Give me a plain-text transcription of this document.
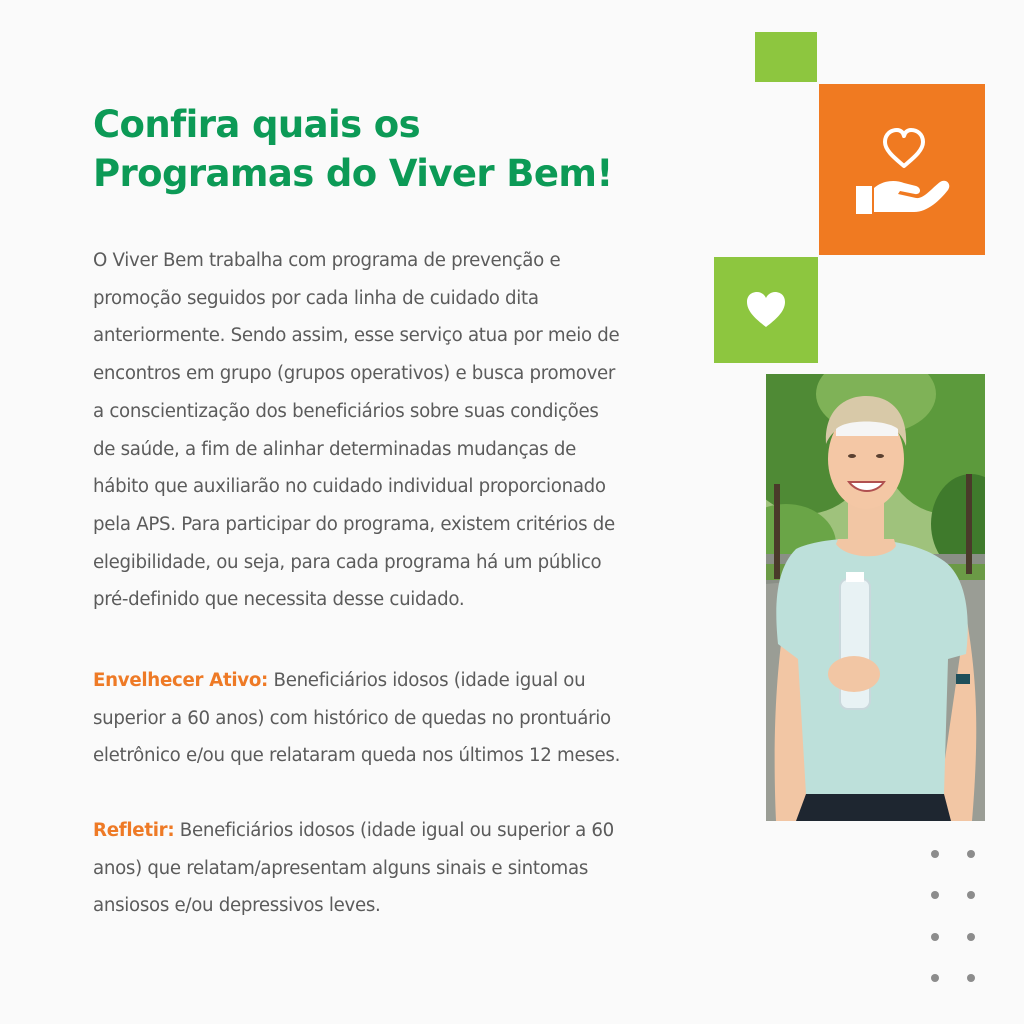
Confira quais os
Programas do Viver Bem!

O Viver Bem trabalha com programa de prevenção e
promoção seguidos por cada linha de cuidado dita
anteriormente. Sendo assim, esse serviço atua por meio de
encontros em grupo (grupos operativos) e busca promover
a conscientização dos beneficiários sobre suas condições
de saúde, a fim de alinhar determinadas mudanças de
hábito que auxiliarão no cuidado individual proporcionado
pela APS. Para participar do programa, existem critérios de
elegibilidade, ou seja, para cada programa há um público
pré-definido que necessita desse cuidado.

Envelhecer Ativo: Beneficiários idosos (idade igual ou
superior a 60 anos) com histórico de quedas no prontuário
eletrônico e/ou que relataram queda nos últimos 12 meses.

Refletir: Beneficiários idosos (idade igual ou superior a 60
anos) que relatam/apresentam alguns sinais e sintomas
ansiosos e/ou depressivos leves.
